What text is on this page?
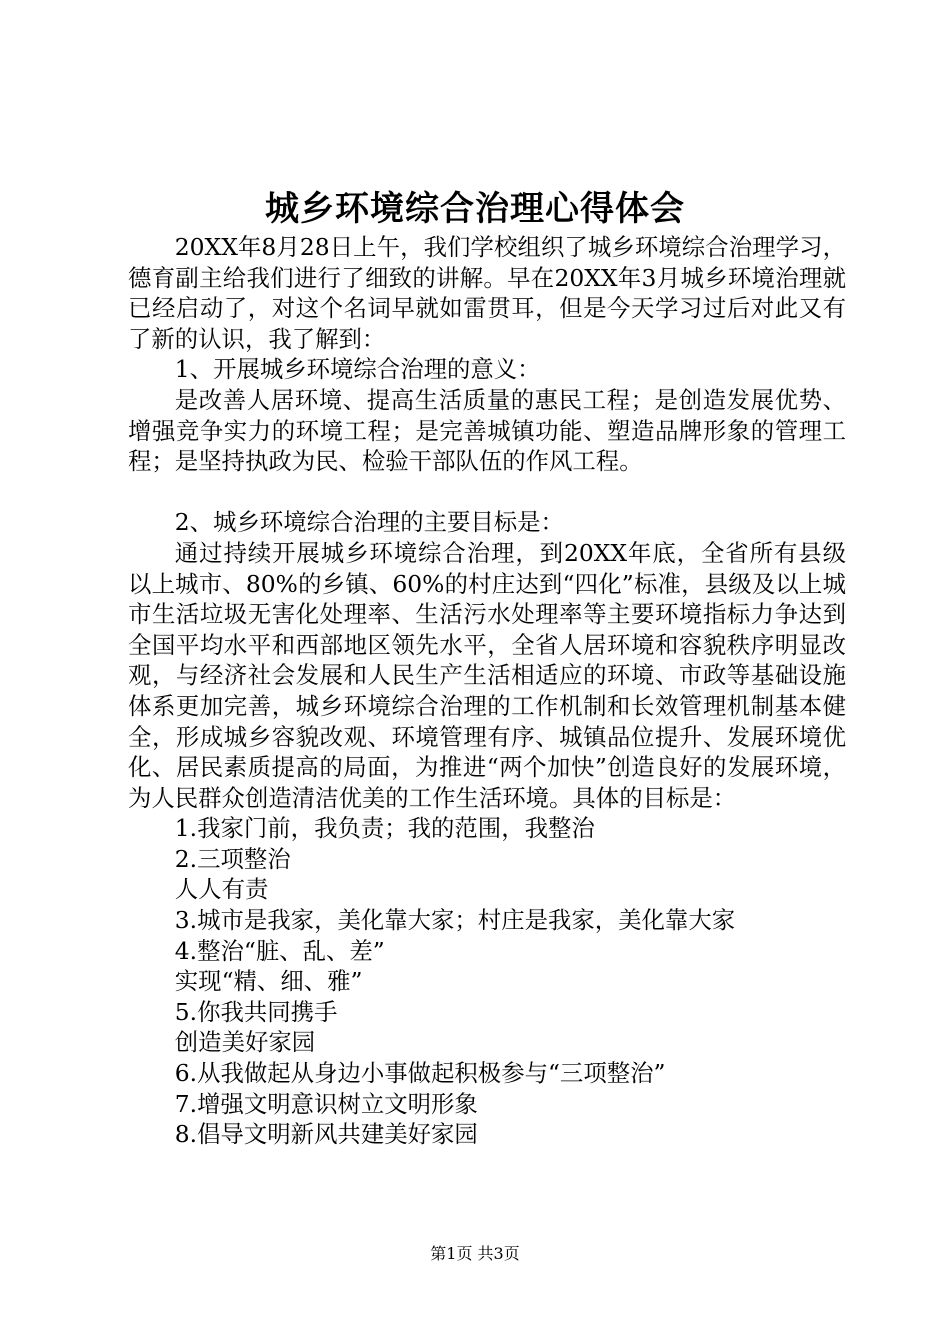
城乡环境综合治理心得体会

20XX年8月28日上午，我们学校组织了城乡环境综合治理学习，德育副主给我们进行了细致的讲解。早在20XX年3月城乡环境治理就已经启动了，对这个名词早就如雷贯耳，但是今天学习过后对此又有了新的认识，我了解到：

1、开展城乡环境综合治理的意义：

是改善人居环境、提高生活质量的惠民工程；是创造发展优势、增强竞争实力的环境工程；是完善城镇功能、塑造品牌形象的管理工程；是坚持执政为民、检验干部队伍的作风工程。

2、城乡环境综合治理的主要目标是：

通过持续开展城乡环境综合治理，到20XX年底，全省所有县级以上城市、80%的乡镇、60%的村庄达到“四化”标准，县级及以上城市生活垃圾无害化处理率、生活污水处理率等主要环境指标力争达到全国平均水平和西部地区领先水平，全省人居环境和容貌秩序明显改观，与经济社会发展和人民生产生活相适应的环境、市政等基础设施体系更加完善，城乡环境综合治理的工作机制和长效管理机制基本健全，形成城乡容貌改观、环境管理有序、城镇品位提升、发展环境优化、居民素质提高的局面，为推进“两个加快”创造良好的发展环境，为人民群众创造清洁优美的工作生活环境。具体的目标是：

1.我家门前，我负责；我的范围，我整治

2.三项整治

人人有责

3.城市是我家，美化靠大家；村庄是我家，美化靠大家

4.整治“脏、乱、差”

实现“精、细、雅”

5.你我共同携手

创造美好家园

6.从我做起从身边小事做起积极参与“三项整治”

7.增强文明意识树立文明形象

8.倡导文明新风共建美好家园

第1页 共3页
